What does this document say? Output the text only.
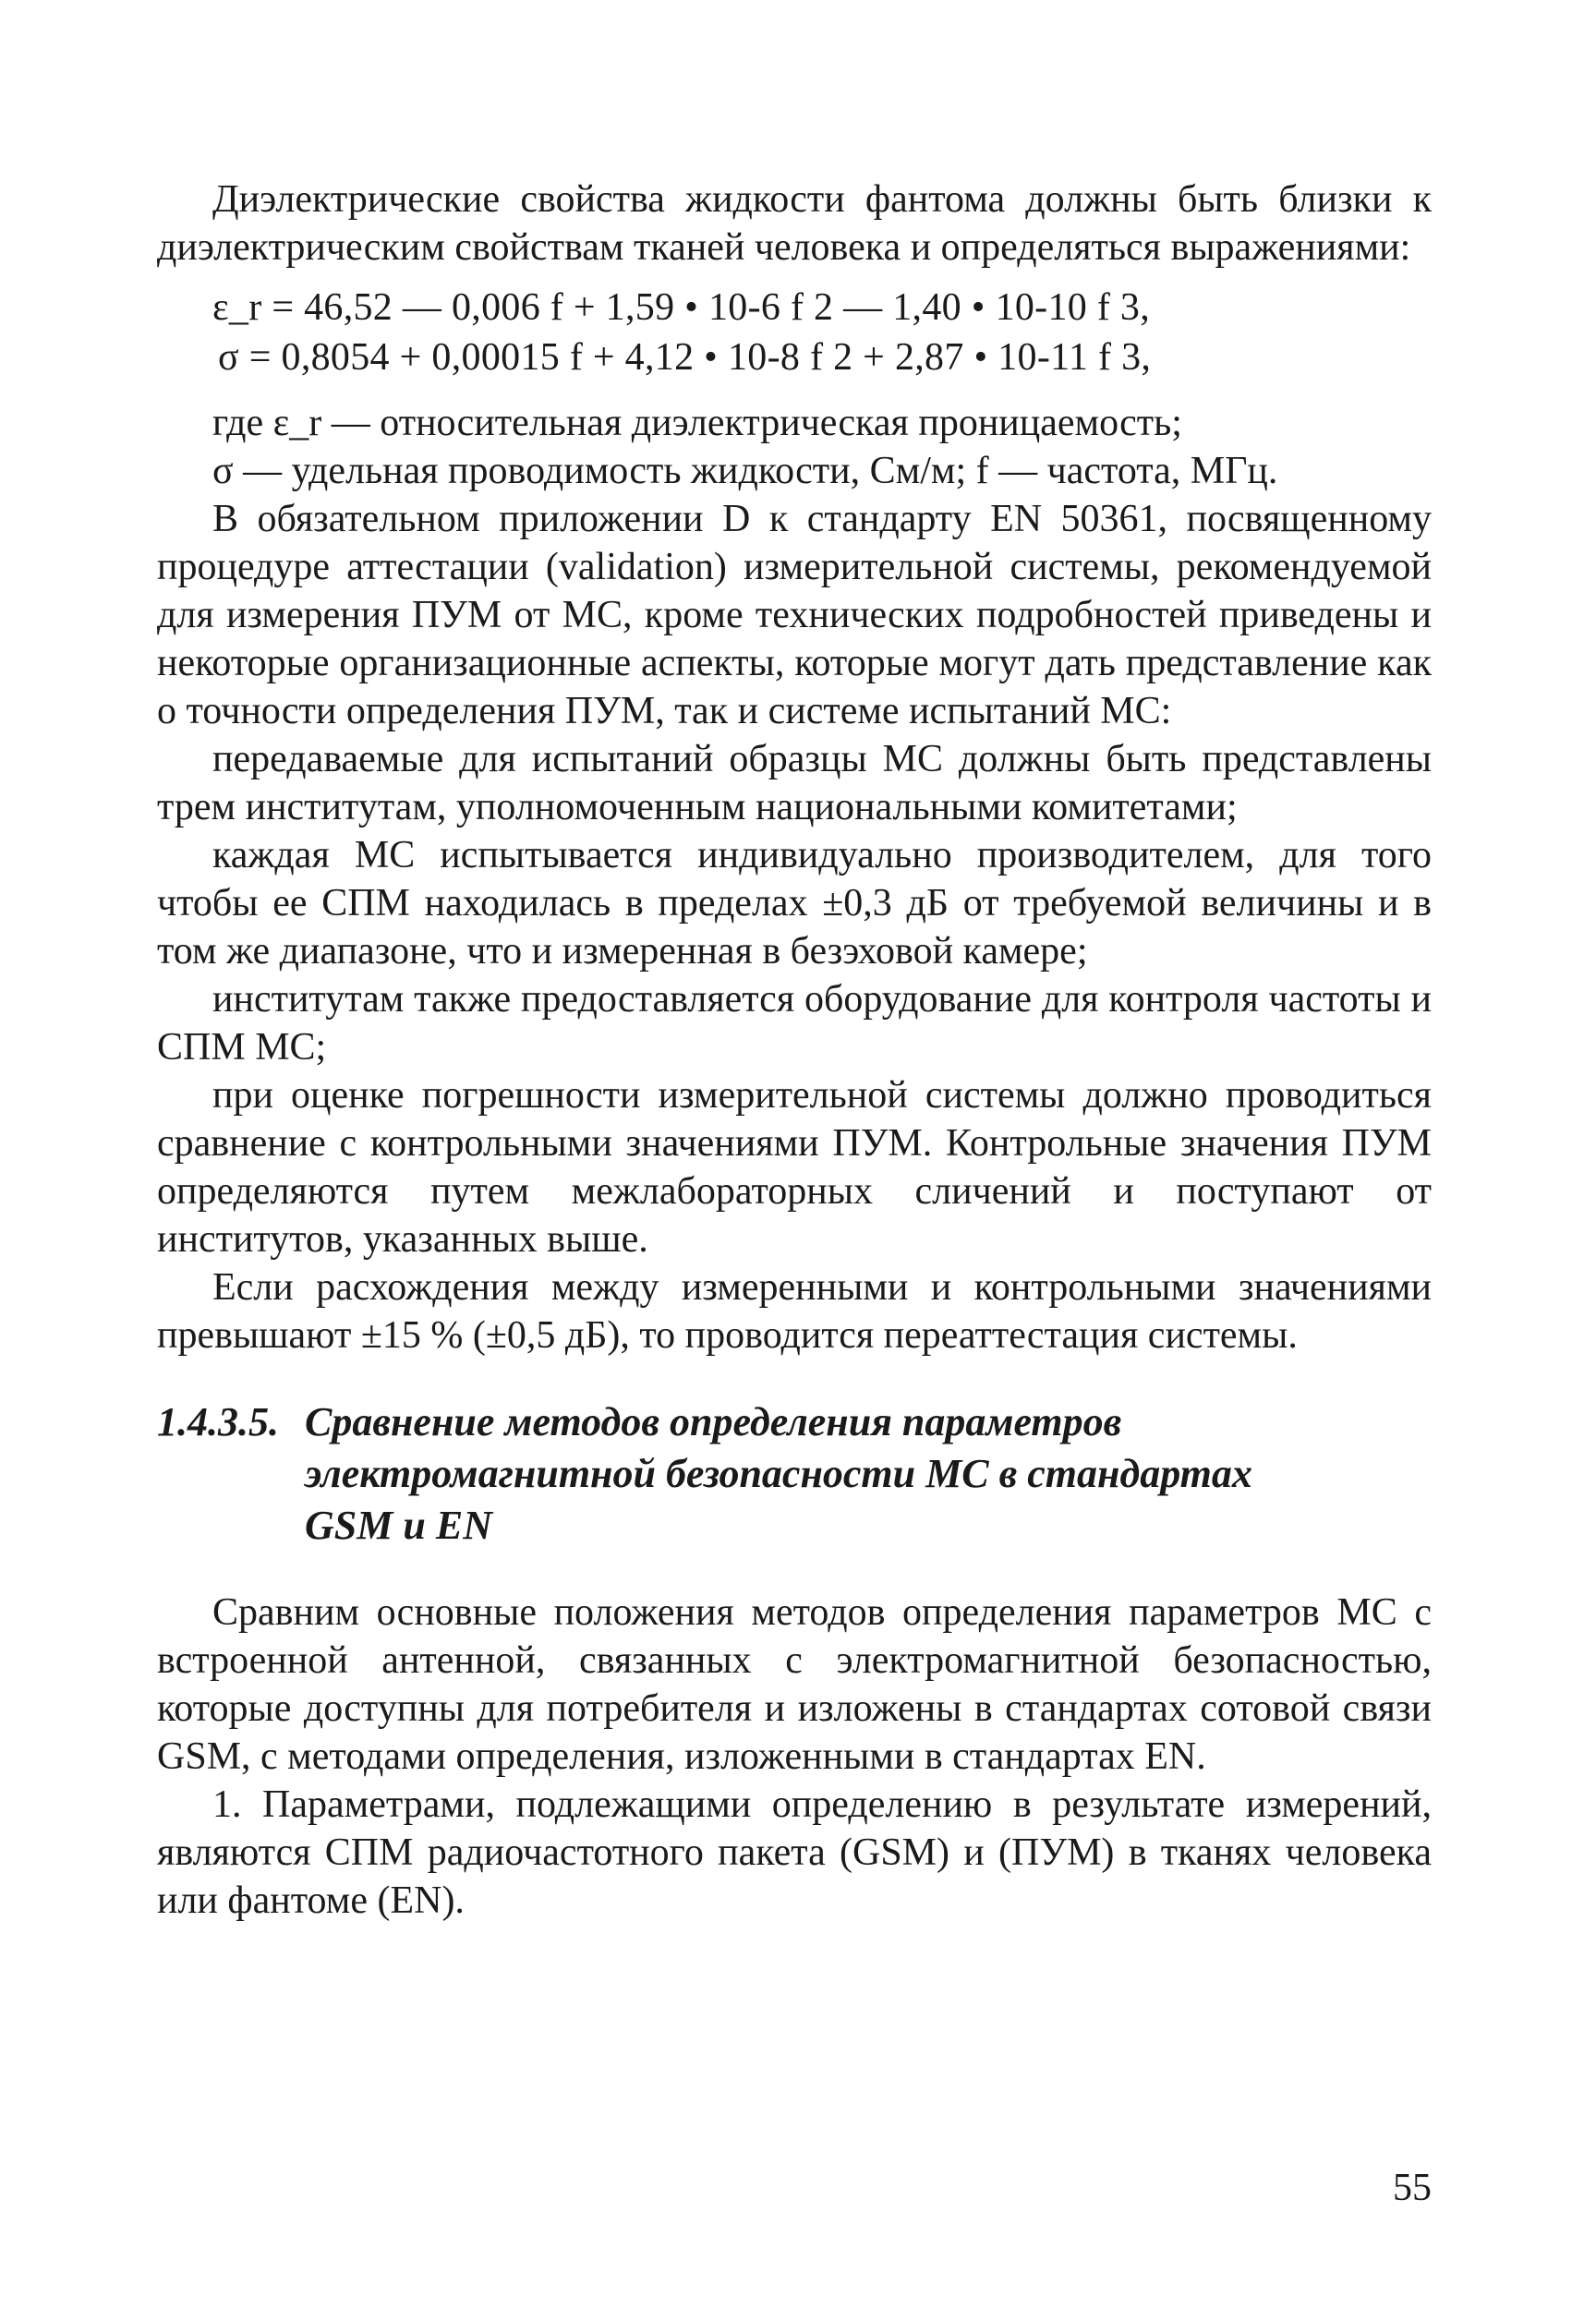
Диэлектрические свойства жидкости фантома должны быть близки к диэлектрическим свойствам тканей человека и определяться выражениями:

ε_r = 46,52 — 0,006 f + 1,59 • 10-6 f 2 — 1,40 • 10-10 f 3,
σ = 0,8054 + 0,00015 f + 4,12 • 10-8 f 2 + 2,87 • 10-11 f 3,

где ε_r — относительная диэлектрическая проницаемость;

σ — удельная проводимость жидкости, См/м; f — частота, МГц.

В обязательном приложении D к стандарту EN 50361, посвященному процедуре аттестации (validation) измерительной системы, рекомендуемой для измерения ПУМ от МС, кроме технических подробностей приведены и некоторые организационные аспекты, которые могут дать представление как о точности определения ПУМ, так и системе испытаний МС:

передаваемые для испытаний образцы МС должны быть представлены трем институтам, уполномоченным национальными комитетами;

каждая МС испытывается индивидуально производителем, для того чтобы ее СПМ находилась в пределах ±0,3 дБ от требуемой величины и в том же диапазоне, что и измеренная в безэховой камере;

институтам также предоставляется оборудование для контроля частоты и СПМ МС;

при оценке погрешности измерительной системы должно проводиться сравнение с контрольными значениями ПУМ. Контрольные значения ПУМ определяются путем межлабораторных сличений и поступают от институтов, указанных выше.

Если расхождения между измеренными и контрольными значениями превышают ±15 % (±0,5 дБ), то проводится переаттестация системы.

1.4.3.5. Сравнение методов определения параметров
электромагнитной безопасности МС в стандартах
GSM и EN

Сравним основные положения методов определения параметров МС с встроенной антенной, связанных с электромагнитной безопасностью, которые доступны для потребителя и изложены в стандартах сотовой связи GSM, с методами определения, изложенными в стандартах EN.

1. Параметрами, подлежащими определению в результате измерений, являются СПМ радиочастотного пакета (GSM) и (ПУМ) в тканях человека или фантоме (EN).

55
